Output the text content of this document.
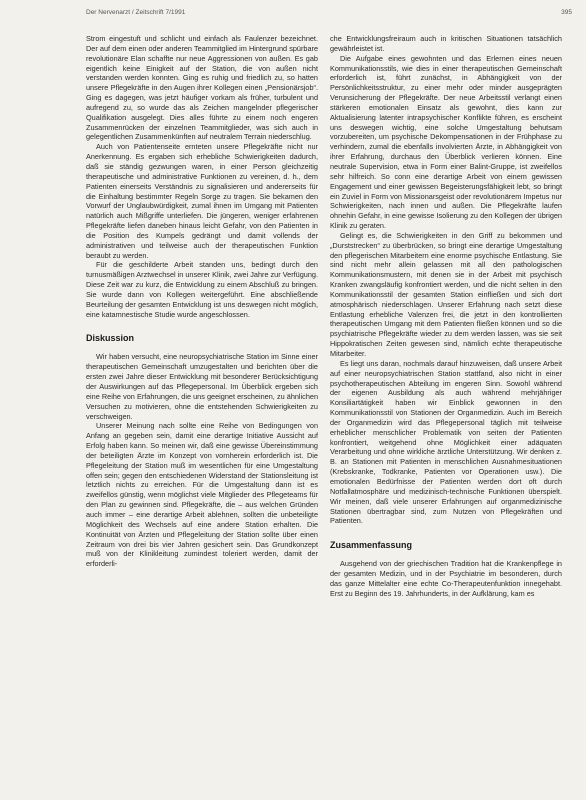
Der Nervenarzt / Zeitschrift 7/1991	395

Strom eingestuft und schlicht und einfach als Faulenzer bezeichnet. Der auf dem einen oder anderen Teammitglied im Hintergrund spürbare revolutionäre Elan schaffte nur neue Aggressionen von außen. Es gab eigentlich keine Einigkeit auf der Station, die von außen nicht verstanden werden konnten. Ging es ruhig und friedlich zu, so hatten unsere Pflegekräfte in den Augen ihrer Kollegen einen „Pensionärsjob“. Ging es dagegen, was jetzt häufiger vorkam als früher, turbulent und aufregend zu, so wurde das als Zeichen mangelnder pflegerischer Qualifikation ausgelegt. Dies alles führte zu einem noch engeren Zusammenrücken der einzelnen Teammitglieder, was sich auch in gelegentlichen Zusammenkünften auf neutralem Terrain niederschlug.

Auch von Patientenseite ernteten unsere Pflegekräfte nicht nur Anerkennung. Es ergaben sich erhebliche Schwierigkeiten dadurch, daß sie ständig gezwungen waren, in einer Person gleichzeitig therapeutische und administrative Funktionen zu vereinen, d. h., dem Patienten einerseits Verständnis zu signalisieren und andererseits für die Einhaltung bestimmter Regeln Sorge zu tragen. Sie bekamen den Vorwurf der Unglaubwürdigkeit, zumal ihnen im Umgang mit Patienten natürlich auch Mißgriffe unterliefen. Die jüngeren, weniger erfahrenen Pflegekräfte liefen daneben hinaus leicht Gefahr, von den Patienten in die Position des Kumpels gedrängt und damit vollends der administrativen und teilweise auch der therapeutischen Funktion beraubt zu werden.

Für die geschilderte Arbeit standen uns, bedingt durch den turnusmäßigen Arztwechsel in unserer Klinik, zwei Jahre zur Verfügung. Diese Zeit war zu kurz, die Entwicklung zu einem Abschluß zu bringen. Sie wurde dann von Kollegen weitergeführt. Eine abschließende Beurteilung der gesamten Entwicklung ist uns deswegen nicht möglich, eine katamnestische Studie wurde angeschlossen.

Diskussion

Wir haben versucht, eine neuropsychiatrische Station im Sinne einer therapeutischen Gemeinschaft umzugestalten und berichten über die ersten zwei Jahre dieser Entwicklung mit besonderer Berücksichtigung der Auswirkungen auf das Pflegepersonal. Im Überblick ergeben sich eine Reihe von Erfahrungen, die uns geeignet erscheinen, zu ähnlichen Versuchen zu motivieren, ohne die entstehenden Schwierigkeiten zu verschweigen.

Unserer Meinung nach sollte eine Reihe von Bedingungen von Anfang an gegeben sein, damit eine derartige Initiative Aussicht auf Erfolg haben kann. So meinen wir, daß eine gewisse Übereinstimmung der beteiligten Ärzte im Konzept von vornherein erforderlich ist. Die Pflegeleitung der Station muß im wesentlichen für eine Umgestaltung offen sein; gegen den entschiedenen Widerstand der Stationsleitung ist letztlich nichts zu erreichen. Für die Umgestaltung dann ist es zweifellos günstig, wenn möglichst viele Mitglieder des Pflegeteams für den Plan zu gewinnen sind. Pflegekräfte, die – aus welchen Gründen auch immer – eine derartige Arbeit ablehnen, sollten die unbeteiligte Möglichkeit des Wechsels auf eine andere Station erhalten. Die Kontinuität von Ärzten und Pflegeleitung der Station sollte über einen Zeitraum von drei bis vier Jahren gesichert sein. Das Grundkonzept muß von der Klinikleitung zumindest toleriert werden, damit der erforderli-

che Entwicklungsfreiraum auch in kritischen Situationen tatsächlich gewährleistet ist.

Die Aufgabe eines gewohnten und das Erlernen eines neuen Kommunikationsstils, wie dies in einer therapeutischen Gemeinschaft erforderlich ist, führt zunächst, in Abhängigkeit von der Persönlichkeitsstruktur, zu einer mehr oder minder ausgeprägten Verunsicherung der Pflegekräfte. Der neue Arbeitsstil verlangt einen stärkeren emotionalen Einsatz als gewohnt, dies kann zur Aktualisierung latenter intrapsychischer Konflikte führen, es erscheint uns deswegen wichtig, eine solche Umgestaltung behutsam vorzubereiten, um psychische Dekompensationen in der Frühphase zu verhindern, zumal die ebenfalls involvierten Ärzte, in Abhängigkeit von ihrer Erfahrung, durchaus den Überblick verlieren können. Eine neutrale Supervision, etwa in Form einer Balint-Gruppe, ist zweifellos sehr hilfreich. So conn eine derartige Arbeit von einem gewissen Engagement und einer gewissen Begeisterungsfähigkeit lebt, so bringt ein Zuviel in Form von Missionarsgeist oder revolutionärem Impetus nur Schwierigkeiten, nach innen und außen. Die Pflegekräfte laufen ohnehin Gefahr, in eine gewisse Isolierung zu den Kollegen der übrigen Klinik zu geraten.

Gelingt es, die Schwierigkeiten in den Griff zu bekommen und „Durststrecken“ zu überbrücken, so bringt eine derartige Umgestaltung den pflegerischen Mitarbeitern eine enorme psychische Entlastung. Sie sind nicht mehr allein gelassen mit all den pathologischen Kommunikationsmustern, mit denen sie in der Arbeit mit psychisch Kranken zwangsläufig konfrontiert werden, und die nicht selten in den Kommunikationsstil der gesamten Station einfließen und sich dort atmosphärisch niederschlagen. Unserer Erfahrung nach setzt diese Entlastung erhebliche Valenzen frei, die jetzt in den kontrollierten therapeutischen Umgang mit dem Patienten fließen können und so die psychiatrische Pflegekräfte wieder zu dem werden lassen, was sie seit Hippokratischen Zeiten gewesen sind, nämlich echte therapeutische Mitarbeiter.

Es liegt uns daran, nochmals darauf hinzuweisen, daß unsere Arbeit auf einer neuropsychiatrischen Station stattfand, also nicht in einer psychotherapeutischen Abteilung im engeren Sinn. Sowohl während der eigenen Ausbildung als auch während mehrjähriger Konsiliartätigkeit haben wir Einblick gewonnen in den Kommunikationsstil von Stationen der Organmedizin. Auch im Bereich der Organmedizin wird das Pflegepersonal täglich mit teilweise erheblicher menschlicher Problematik von seiten der Patienten konfrontiert, weitgehend ohne Möglichkeit einer adäquaten Verarbeitung und ohne wirkliche ärztliche Unterstützung. Wir denken z. B. an Stationen mit Patienten in menschlichen Ausnahmesituationen (Krebskranke, Todkranke, Patienten vor Operationen usw.). Die emotionalen Bedürfnisse der Patienten werden dort oft durch Notfallatmosphäre und medizinisch-technische Funktionen überspielt. Wir meinen, daß viele unserer Erfahrungen auf organmedizinische Stationen übertragbar sind, zum Nutzen von Pflegekräften und Patienten.

Zusammenfassung

Ausgehend von der griechischen Tradition hat die Krankenpflege in der gesamten Medizin, und in der Psychiatrie im besonderen, durch das ganze Mittelalter eine echte Co-Therapeutenfunktion innegehabt. Erst zu Beginn des 19. Jahrhunderts, in der Aufklärung, kam es
